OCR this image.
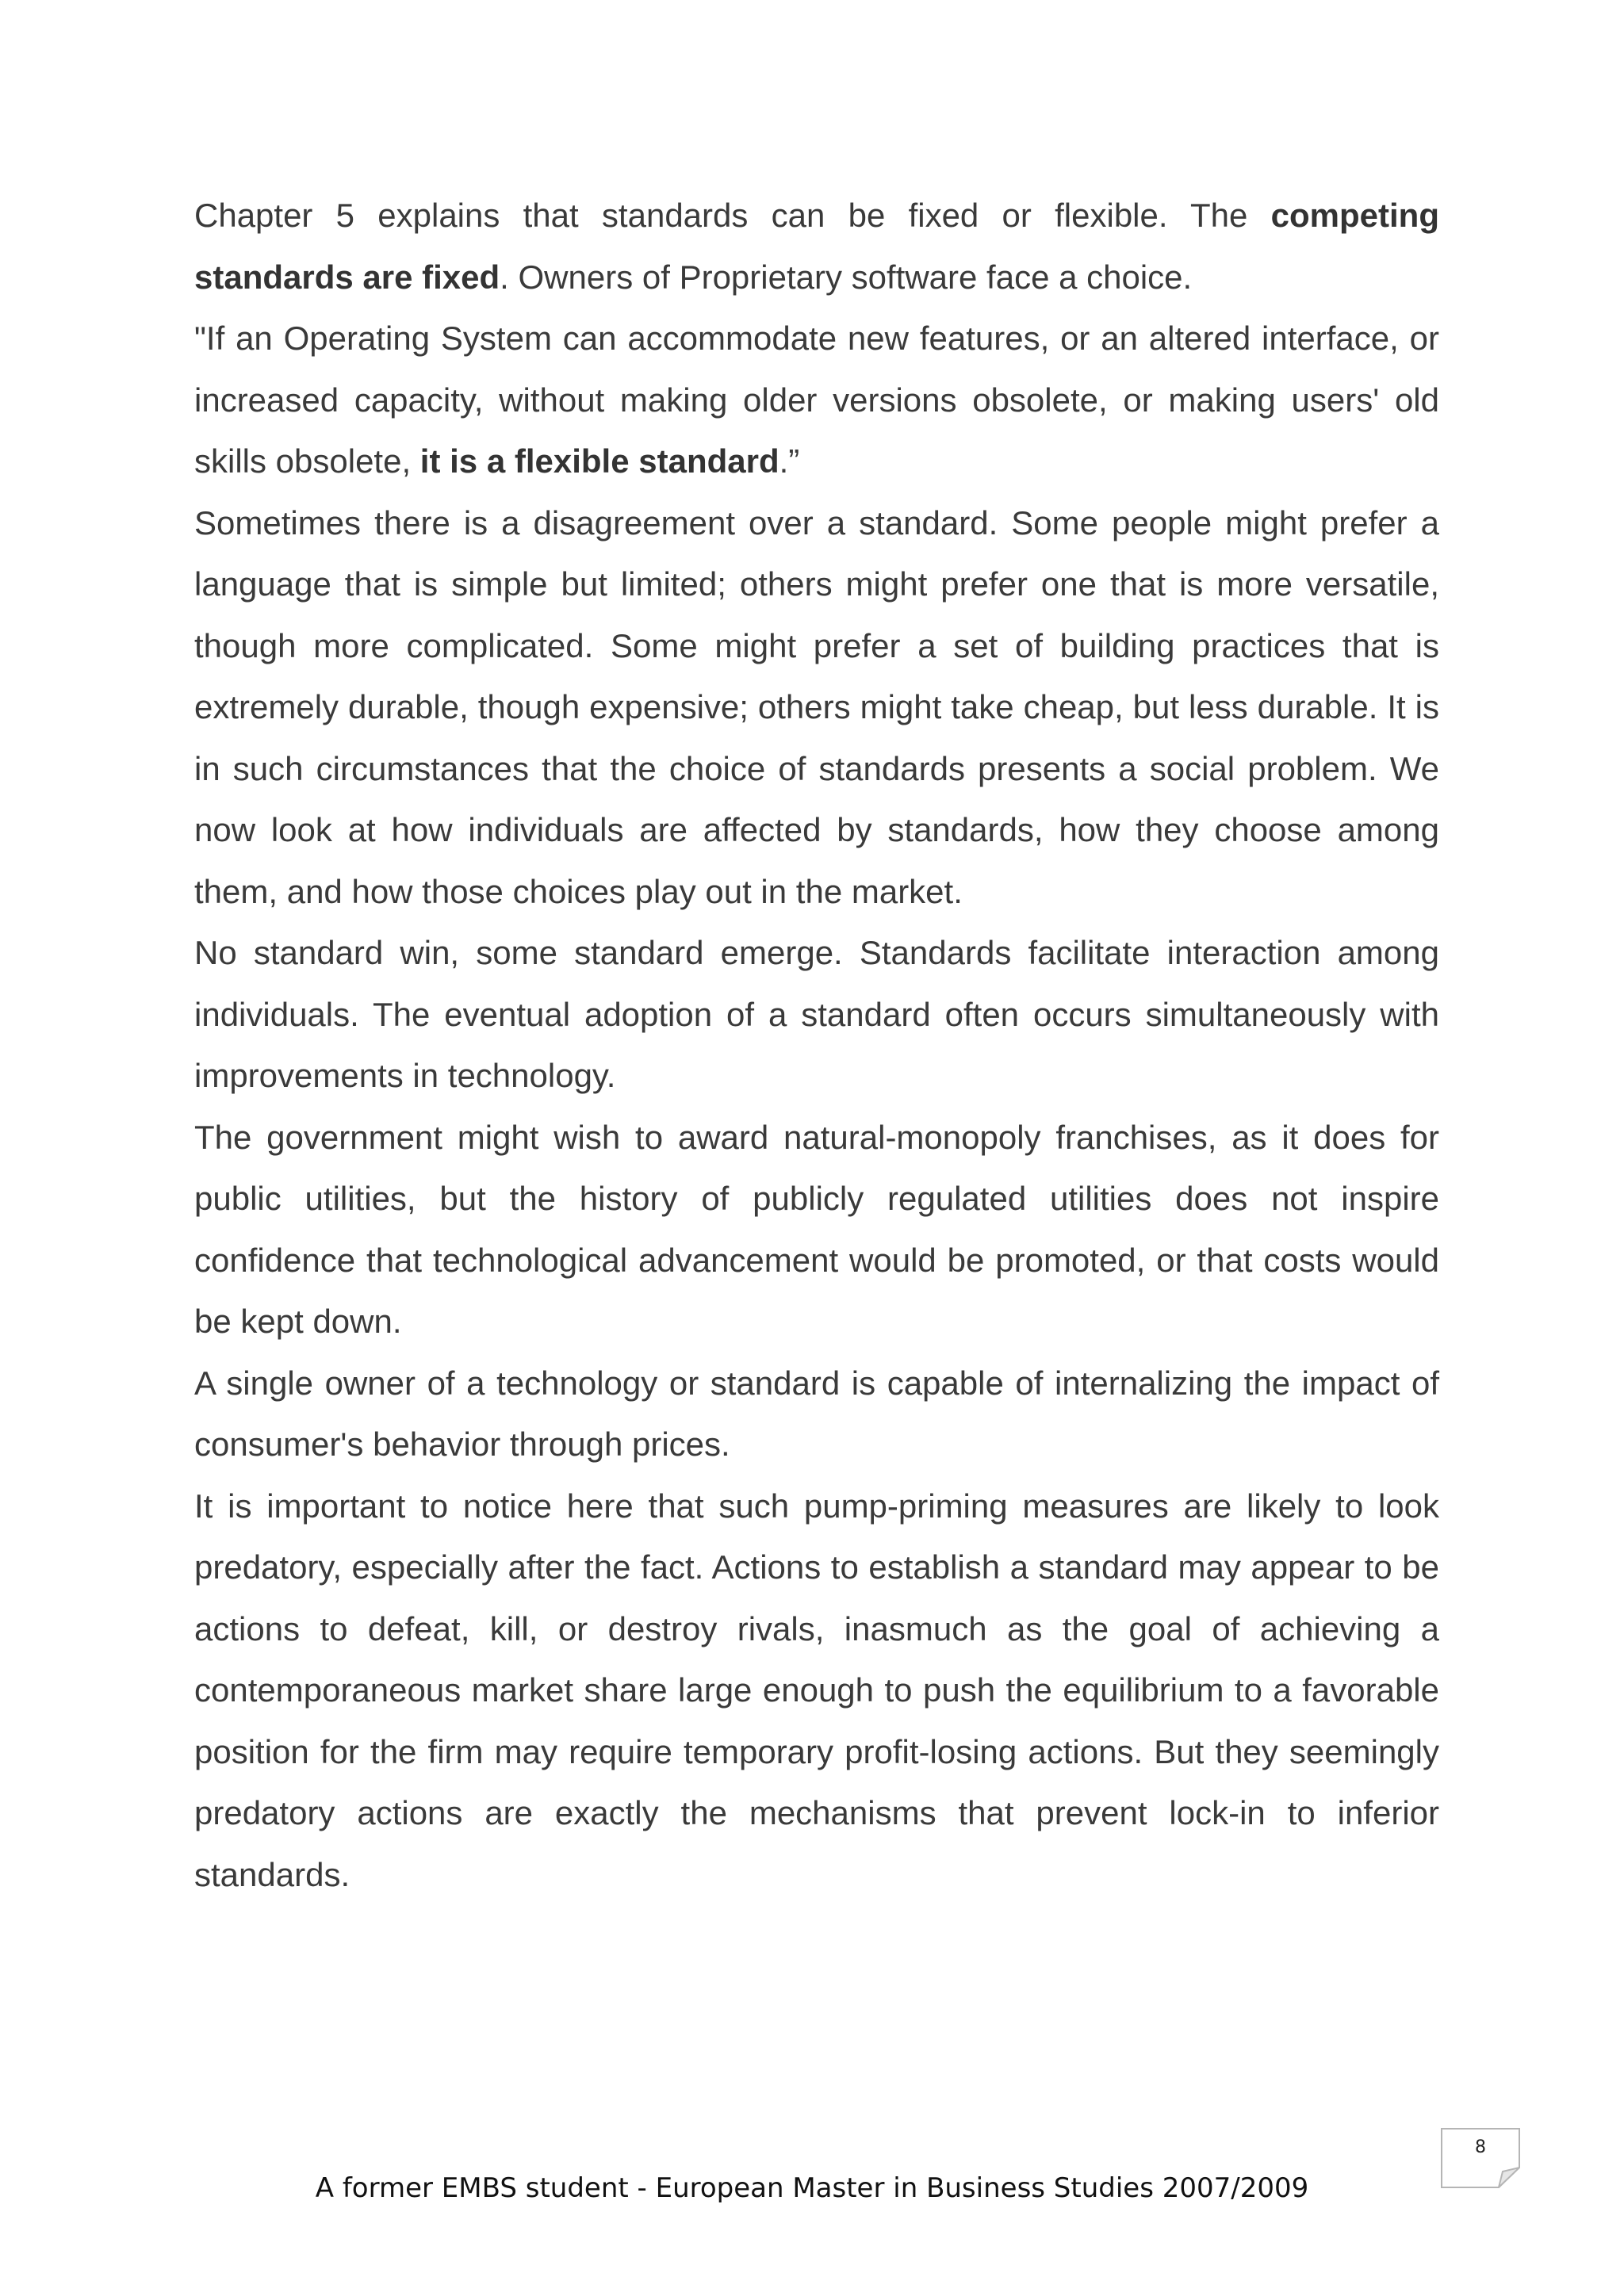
Chapter 5 explains that standards can be fixed or flexible. The competing standards are fixed. Owners of Proprietary software face a choice.

"If an Operating System can accommodate new features, or an altered interface, or increased capacity, without making older versions obsolete, or making users' old skills obsolete, it is a flexible standard.”

Sometimes there is a disagreement over a standard. Some people might prefer a language that is simple but limited; others might prefer one that is more versatile, though more complicated. Some might prefer a set of building practices that is extremely durable, though expensive; others might take cheap, but less durable. It is in such circumstances that the choice of standards presents a social problem. We now look at how individuals are affected by standards, how they choose among them, and how those choices play out in the market.

No standard win, some standard emerge. Standards facilitate interaction among individuals. The eventual adoption of a standard often occurs simultaneously with improvements in technology.

The government might wish to award natural-monopoly franchises, as it does for public utilities, but the history of publicly regulated utilities does not inspire confidence that technological advancement would be promoted, or that costs would be kept down.

A single owner of a technology or standard is capable of internalizing the impact of consumer's behavior through prices.

It is important to notice here that such pump-priming measures are likely to look predatory, especially after the fact. Actions to establish a standard may appear to be actions to defeat, kill, or destroy rivals, inasmuch as the goal of achieving a contemporaneous market share large enough to push the equilibrium to a favorable position for the firm may require temporary profit-losing actions. But they seemingly predatory actions are exactly the mechanisms that prevent lock-in to inferior standards.

8
A former EMBS student - European Master in Business Studies 2007/2009
